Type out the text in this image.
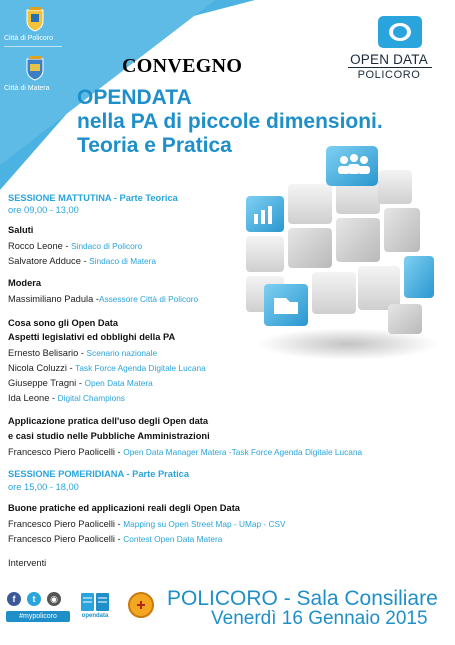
Città di Policoro
Città di Matera
CONVEGNO
OPENDATA
nella PA di piccole dimensioni.
Teoria e Pratica
OPEN DATA
POLICORO
SESSIONE MATTUTINA - Parte Teorica
ore 09,00 - 13,00
Saluti
Rocco Leone - Sindaco di Policoro
Salvatore Adduce - Sindaco di Matera
Modera
Massimiliano Padula -Assessore Città di Policoro
Cosa sono gli Open Data
Aspetti legislativi ed obblighi della PA
Ernesto Belisario - Scenario nazionale
Nicola Coluzzi - Task Force Agenda Digitale Lucana
Giuseppe Tragni - Open Data Matera
Ida Leone - Digital Champions
Applicazione pratica dell'uso degli Open data
e casi studio nelle Pubbliche Amministrazioni
Francesco Piero Paolicelli - Open Data Manager Matera -Task Force Agenda Digitale Lucana
SESSIONE POMERIDIANA - Parte Pratica
ore 15,00 - 18,00
Buone pratiche ed applicazioni reali degli Open Data
Francesco Piero Paolicelli - Mapping su Open Street Map - UMap - CSV
Francesco Piero Paolicelli - Contest Open Data Matera
Interventi
f	t	◉
#mypolicoro	opendata
POLICORO - Sala Consiliare
Venerdì 16 Gennaio 2015
